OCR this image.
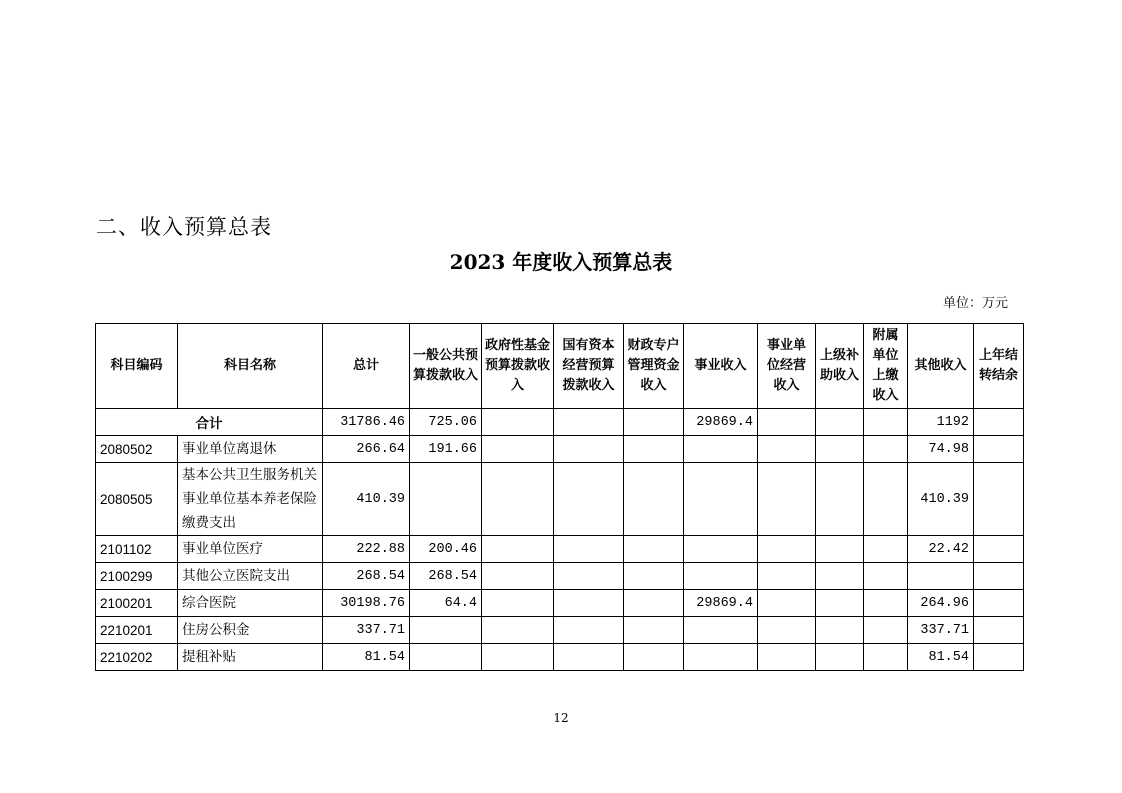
二、收入预算总表
2023 年度收入预算总表
单位：万元
科目编码	科目名称	总计	一般公共预算拨款收入	政府性基金预算拨款收入	国有资本经营预算拨款收入	财政专户管理资金收入	事业收入	事业单位经营收入	上级补助收入	附属单位上缴收入	其他收入	上年结转结余
合计		31786.46	725.06				29869.4				1192	
2080502	事业单位离退休	266.64	191.66								74.98	
2080505	基本公共卫生服务机关事业单位基本养老保险缴费支出	410.39									410.39	
2101102	事业单位医疗	222.88	200.46								22.42	
2100299	其他公立医院支出	268.54	268.54									
2100201	综合医院	30198.76	64.4				29869.4				264.96	
2210201	住房公积金	337.71									337.71	
2210202	提租补贴	81.54									81.54	
12
